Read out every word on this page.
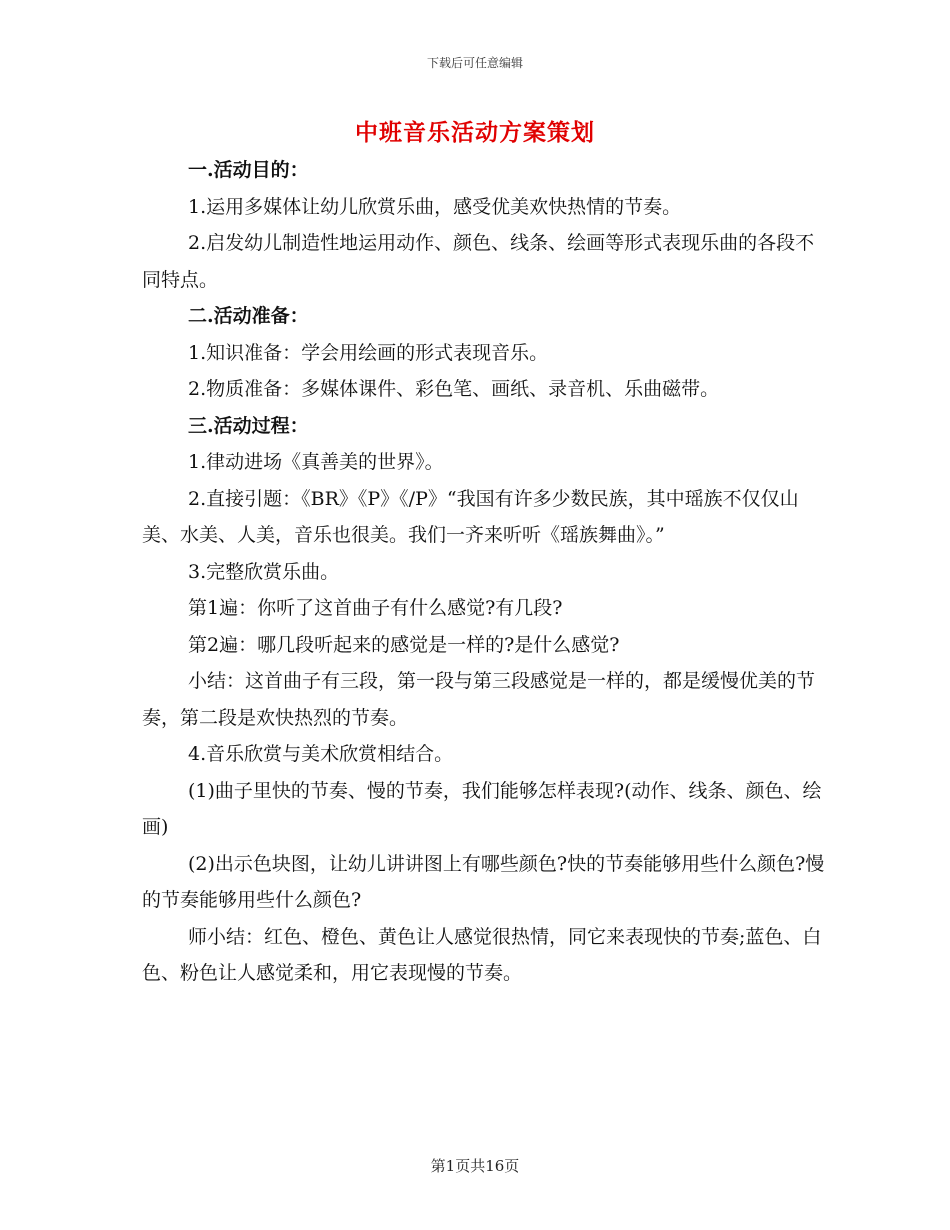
下载后可任意编辑
中班音乐活动方案策划

一.活动目的：

1.运用多媒体让幼儿欣赏乐曲，感受优美欢快热情的节奏。

2.启发幼儿制造性地运用动作、颜色、线条、绘画等形式表现乐曲的各段不同特点。

二.活动准备：

1.知识准备：学会用绘画的形式表现音乐。

2.物质准备：多媒体课件、彩色笔、画纸、录音机、乐曲磁带。

三.活动过程：

1.律动进场《真善美的世界》。

2.直接引题：《BR》《P》《/P》“我国有许多少数民族，其中瑶族不仅仅山美、水美、人美，音乐也很美。我们一齐来听听《瑶族舞曲》。”

3.完整欣赏乐曲。

第1遍：你听了这首曲子有什么感觉?有几段?

第2遍：哪几段听起来的感觉是一样的?是什么感觉?

小结：这首曲子有三段，第一段与第三段感觉是一样的，都是缓慢优美的节奏，第二段是欢快热烈的节奏。

4.音乐欣赏与美术欣赏相结合。

(1)曲子里快的节奏、慢的节奏，我们能够怎样表现?(动作、线条、颜色、绘画)

(2)出示色块图，让幼儿讲讲图上有哪些颜色?快的节奏能够用些什么颜色?慢的节奏能够用些什么颜色?

师小结：红色、橙色、黄色让人感觉很热情，同它来表现快的节奏;蓝色、白色、粉色让人感觉柔和，用它表现慢的节奏。

第1页共16页
